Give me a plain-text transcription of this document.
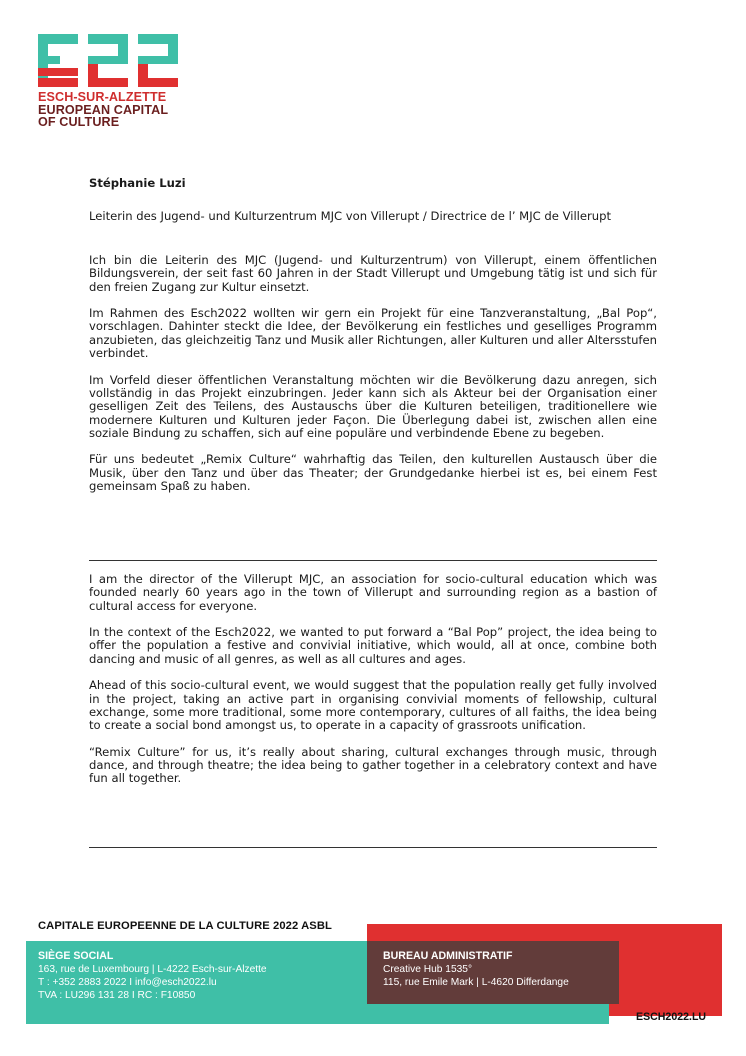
ESCH-SUR-ALZETTE
EUROPEAN CAPITAL
OF CULTURE
Stéphanie Luzi
Leiterin des Jugend- und Kulturzentrum MJC von Villerupt / Directrice de l’ MJC de Villerupt

Ich bin die Leiterin des MJC (Jugend- und Kulturzentrum) von Villerupt, einem öffentlichen Bildungsverein, der seit fast 60 Jahren in der Stadt Villerupt und Umgebung tätig ist und sich für den freien Zugang zur Kultur einsetzt.

Im Rahmen des Esch2022 wollten wir gern ein Projekt für eine Tanzveranstaltung, „Bal Pop“, vorschlagen. Dahinter steckt die Idee, der Bevölkerung ein festliches und geselliges Programm anzubieten, das gleichzeitig Tanz und Musik aller Richtungen, aller Kulturen und aller Altersstufen verbindet.

Im Vorfeld dieser öffentlichen Veranstaltung möchten wir die Bevölkerung dazu anregen, sich vollständig in das Projekt einzubringen. Jeder kann sich als Akteur bei der Organisation einer geselligen Zeit des Teilens, des Austauschs über die Kulturen beteiligen, traditionellere wie modernere Kulturen und Kulturen jeder Façon. Die Überlegung dabei ist, zwischen allen eine soziale Bindung zu schaffen, sich auf eine populäre und verbindende Ebene zu begeben.

Für uns bedeutet „Remix Culture“ wahrhaftig das Teilen, den kulturellen Austausch über die Musik, über den Tanz und über das Theater; der Grundgedanke hierbei ist es, bei einem Fest gemeinsam Spaß zu haben.

I am the director of the Villerupt MJC, an association for socio-cultural education which was founded nearly 60 years ago in the town of Villerupt and surrounding region as a bastion of cultural access for everyone.

In the context of the Esch2022, we wanted to put forward a “Bal Pop” project, the idea being to offer the population a festive and convivial initiative, which would, all at once, combine both dancing and music of all genres, as well as all cultures and ages.

Ahead of this socio-cultural event, we would suggest that the population really get fully involved in the project, taking an active part in organising convivial moments of fellowship, cultural exchange, some more traditional, some more contemporary, cultures of all faiths, the idea being to create a social bond amongst us, to operate in a capacity of grassroots unification.

“Remix Culture” for us, it’s really about sharing, cultural exchanges through music, through dance, and through theatre; the idea being to gather together in a celebratory context and have fun all together.

CAPITALE EUROPEENNE DE LA CULTURE 2022 ASBL
SIÈGE SOCIAL
163, rue de Luxembourg | L-4222 Esch-sur-Alzette
T : +352 2883 2022 I info@esch2022.lu
TVA : LU296 131 28 I RC : F10850
BUREAU ADMINISTRATIF
Creative Hub 1535°
115, rue Emile Mark | L-4620 Differdange
ESCH2022.LU
